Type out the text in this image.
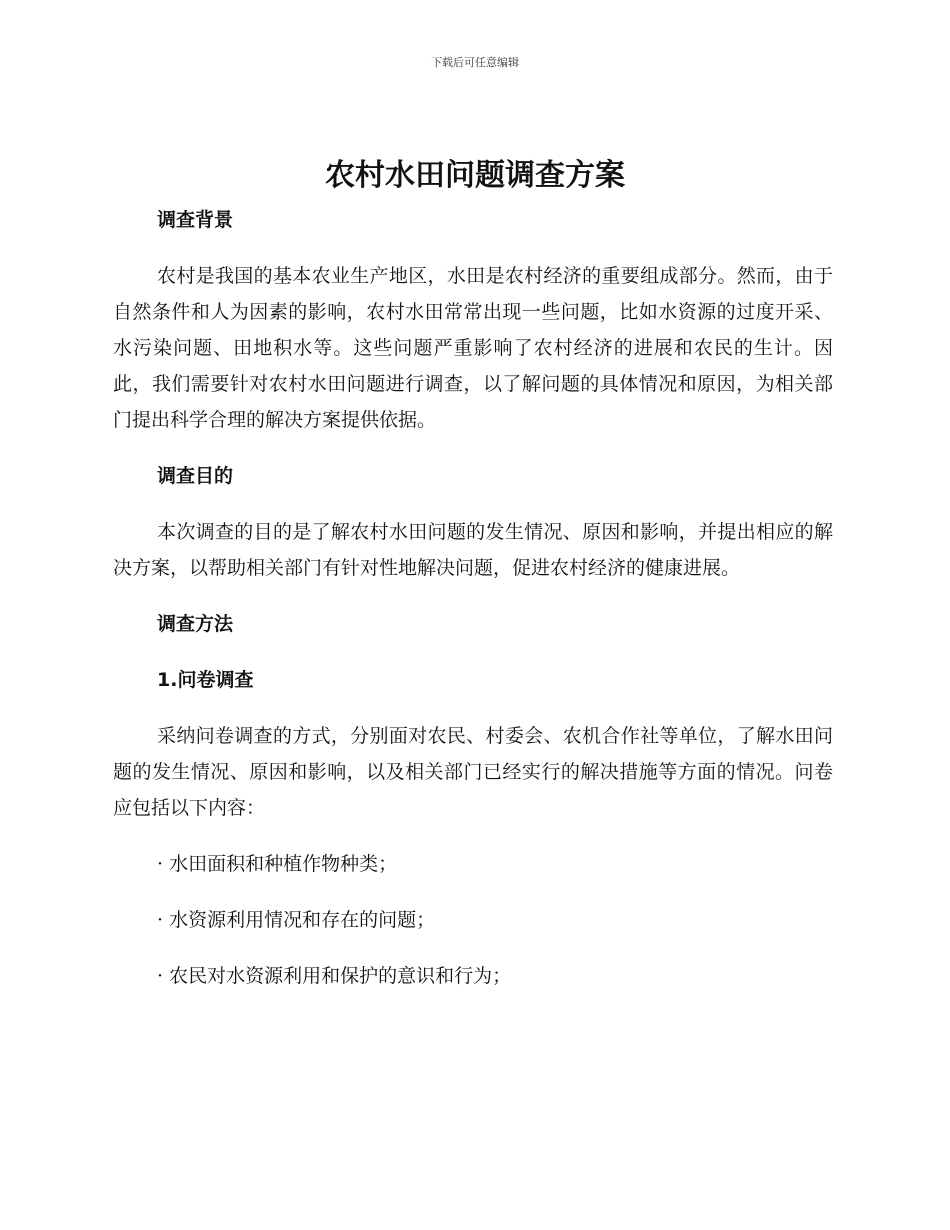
下载后可任意编辑
农村水田问题调查方案

调查背景

农村是我国的基本农业生产地区，水田是农村经济的重要组成部分。然而，由于自然条件和人为因素的影响，农村水田常常出现一些问题，比如水资源的过度开采、水污染问题、田地积水等。这些问题严重影响了农村经济的进展和农民的生计。因此，我们需要针对农村水田问题进行调查，以了解问题的具体情况和原因，为相关部门提出科学合理的解决方案提供依据。

调查目的

本次调查的目的是了解农村水田问题的发生情况、原因和影响，并提出相应的解决方案，以帮助相关部门有针对性地解决问题，促进农村经济的健康进展。

调查方法

1.问卷调查

采纳问卷调查的方式，分别面对农民、村委会、农机合作社等单位，了解水田问题的发生情况、原因和影响，以及相关部门已经实行的解决措施等方面的情况。问卷应包括以下内容：

· 水田面积和种植作物种类；

· 水资源利用情况和存在的问题；

· 农民对水资源利用和保护的意识和行为；
